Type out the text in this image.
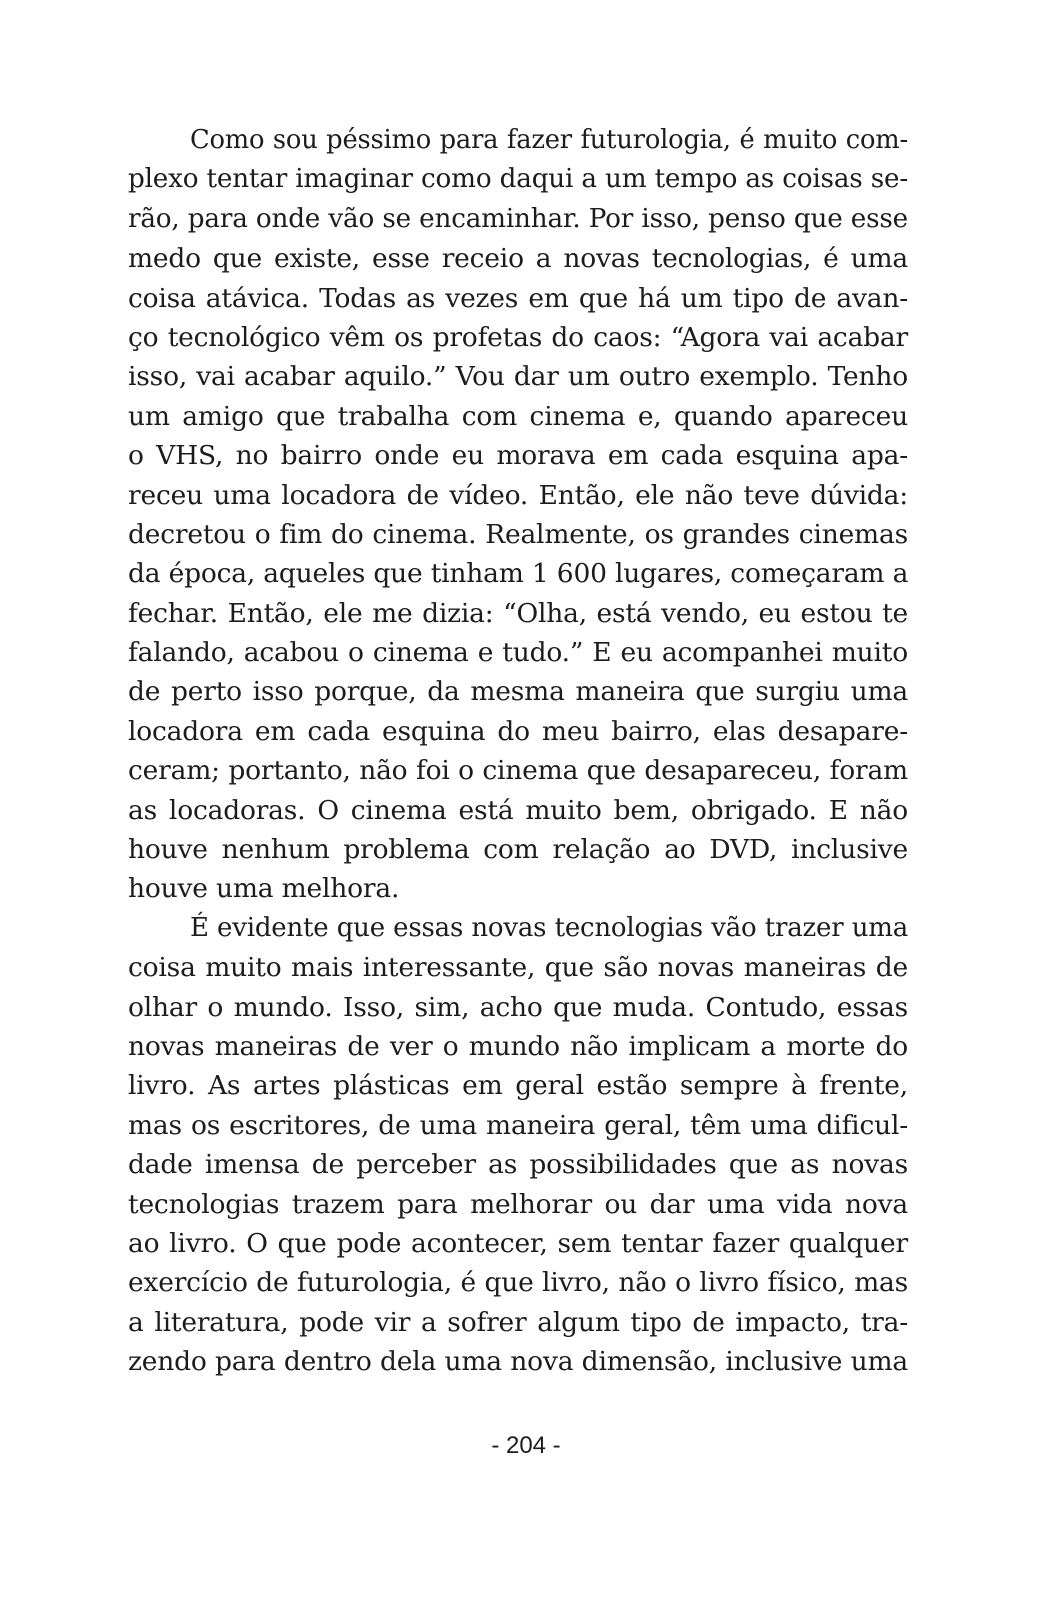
Como sou péssimo para fazer futurologia, é muito com-
plexo tentar imaginar como daqui a um tempo as coisas se-
rão, para onde vão se encaminhar. Por isso, penso que esse
medo que existe, esse receio a novas tecnologias, é uma
coisa atávica. Todas as vezes em que há um tipo de avan-
ço tecnológico vêm os profetas do caos: “Agora vai acabar
isso, vai acabar aquilo.” Vou dar um outro exemplo. Tenho
um amigo que trabalha com cinema e, quando apareceu
o VHS, no bairro onde eu morava em cada esquina apa-
receu uma locadora de vídeo. Então, ele não teve dúvida:
decretou o fim do cinema. Realmente, os grandes cinemas
da época, aqueles que tinham 1 600 lugares, começaram a
fechar. Então, ele me dizia: “Olha, está vendo, eu estou te
falando, acabou o cinema e tudo.” E eu acompanhei muito
de perto isso porque, da mesma maneira que surgiu uma
locadora em cada esquina do meu bairro, elas desapare-
ceram; portanto, não foi o cinema que desapareceu, foram
as locadoras. O cinema está muito bem, obrigado. E não
houve nenhum problema com relação ao DVD, inclusive
houve uma melhora.
É evidente que essas novas tecnologias vão trazer uma
coisa muito mais interessante, que são novas maneiras de
olhar o mundo. Isso, sim, acho que muda. Contudo, essas
novas maneiras de ver o mundo não implicam a morte do
livro. As artes plásticas em geral estão sempre à frente,
mas os escritores, de uma maneira geral, têm uma dificul-
dade imensa de perceber as possibilidades que as novas
tecnologias trazem para melhorar ou dar uma vida nova
ao livro. O que pode acontecer, sem tentar fazer qualquer
exercício de futurologia, é que livro, não o livro físico, mas
a literatura, pode vir a sofrer algum tipo de impacto, tra-
zendo para dentro dela uma nova dimensão, inclusive uma
- 204 -
